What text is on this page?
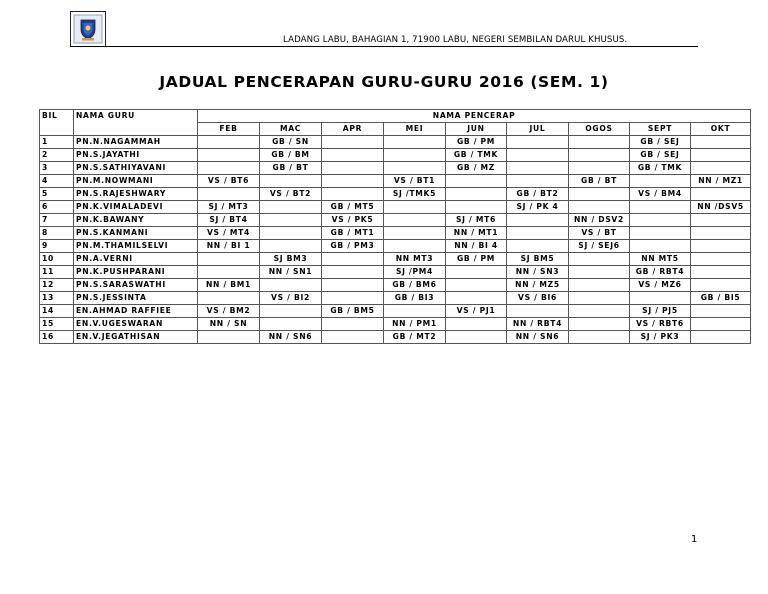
LADANG LABU, BAHAGIAN 1, 71900 LABU, NEGERI SEMBILAN DARUL KHUSUS.
JADUAL PENCERAPAN GURU-GURU 2016 (SEM. 1)
BIL	NAMA GURU	NAMA PENCERAP								
		FEB	MAC	APR	MEI	JUN	JUL	OGOS	SEPT	OKT
1	PN.N.NAGAMMAH		GB / SN			GB / PM			GB / SEJ	
2	PN.S.JAYATHI		GB / BM			GB / TMK			GB / SEJ	
3	PN.S.SATHIYAVANI		GB / BT			GB / MZ			GB / TMK	
4	PN.M.NOWMANI	VS / BT6			VS / BT1			GB / BT		NN / MZ1
5	PN.S.RAJESHWARY		VS / BT2		SJ /TMK5		GB / BT2		VS / BM4	
6	PN.K.VIMALADEVI	SJ / MT3		GB / MT5			SJ / PK 4			NN /DSV5
7	PN.K.BAWANY	SJ / BT4		VS / PK5		SJ / MT6		NN / DSV2		
8	PN.S.KANMANI	VS / MT4		GB / MT1		NN / MT1		VS / BT		
9	PN.M.THAMILSELVI	NN / BI 1		GB / PM3		NN / BI 4		SJ / SEJ6		
10	PN.A.VERNI		SJ BM3		NN MT3	GB / PM	SJ BM5		NN MT5	
11	PN.K.PUSHPARANI		NN / SN1		SJ /PM4		NN / SN3		GB / RBT4	
12	PN.S.SARASWATHI	NN / BM1			GB / BM6		NN / MZ5		VS / MZ6	
13	PN.S.JESSINTA		VS / BI2		GB / BI3		VS / BI6			GB / BI5
14	EN.AHMAD RAFFIEE	VS / BM2		GB / BM5		VS / PJ1			SJ / PJ5	
15	EN.V.UGESWARAN	NN / SN			NN / PM1		NN / RBT4		VS / RBT6	
16	EN.V.JEGATHISAN		NN / SN6		GB / MT2		NN / SN6		SJ / PK3	
1
